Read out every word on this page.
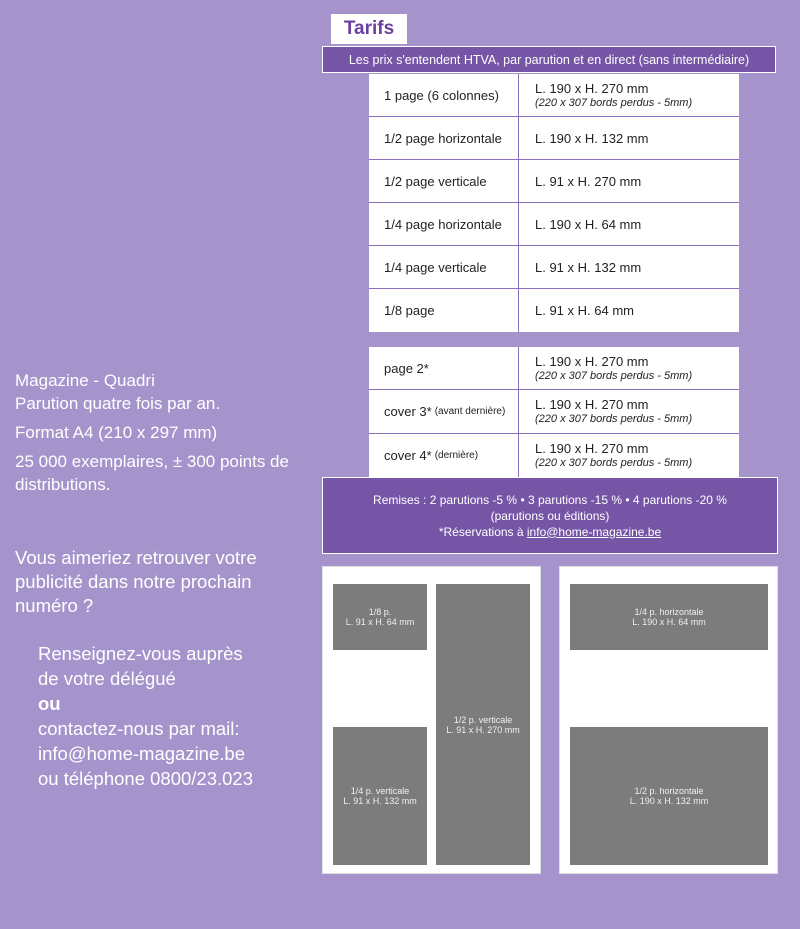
Tarifs
Les prix s'entendent HTVA, par parution et en direct (sans intermédiaire)
1 page (6 colonnes)	L. 190 x H. 270 mm
(220 x 307 bords perdus - 5mm)
1/2 page horizontale	L. 190 x H. 132 mm
1/2 page verticale	L. 91 x H. 270 mm
1/4 page horizontale	L. 190 x H. 64 mm
1/4 page verticale	L. 91 x H. 132 mm
1/8 page	L. 91 x H. 64 mm
page 2*	L. 190 x H. 270 mm
(220 x 307 bords perdus - 5mm)
cover 3* (avant dernière) L. 190 x H. 270 mm
(220 x 307 bords perdus - 5mm)
cover 4* (dernière)	L. 190 x H. 270 mm
(220 x 307 bords perdus - 5mm)
Remises : 2 parutions -5 % • 3 parutions -15 % • 4 parutions -20 %
(parutions ou éditions)
*Réservations à info@home-magazine.be

Magazine - Quadri

Parution quatre fois par an.

Format A4 (210 x 297 mm)

25 000 exemplaires, ± 300 points de distributions.

Vous aimeriez retrouver votre publicité dans notre prochain numéro ?
Renseignez-vous auprès
de votre délégué
ou
contactez-nous par mail:
info@home-magazine.be
ou téléphone 0800/23.023
1/8 p.
L. 91 x H. 64 mm
1/2 p. verticale
L. 91 x H. 270 mm
1/4 p. verticale
L. 91 x H. 132 mm
1/4 p. horizontale
L. 190 x H. 64 mm
1/2 p. horizontale
L. 190 x H. 132 mm
